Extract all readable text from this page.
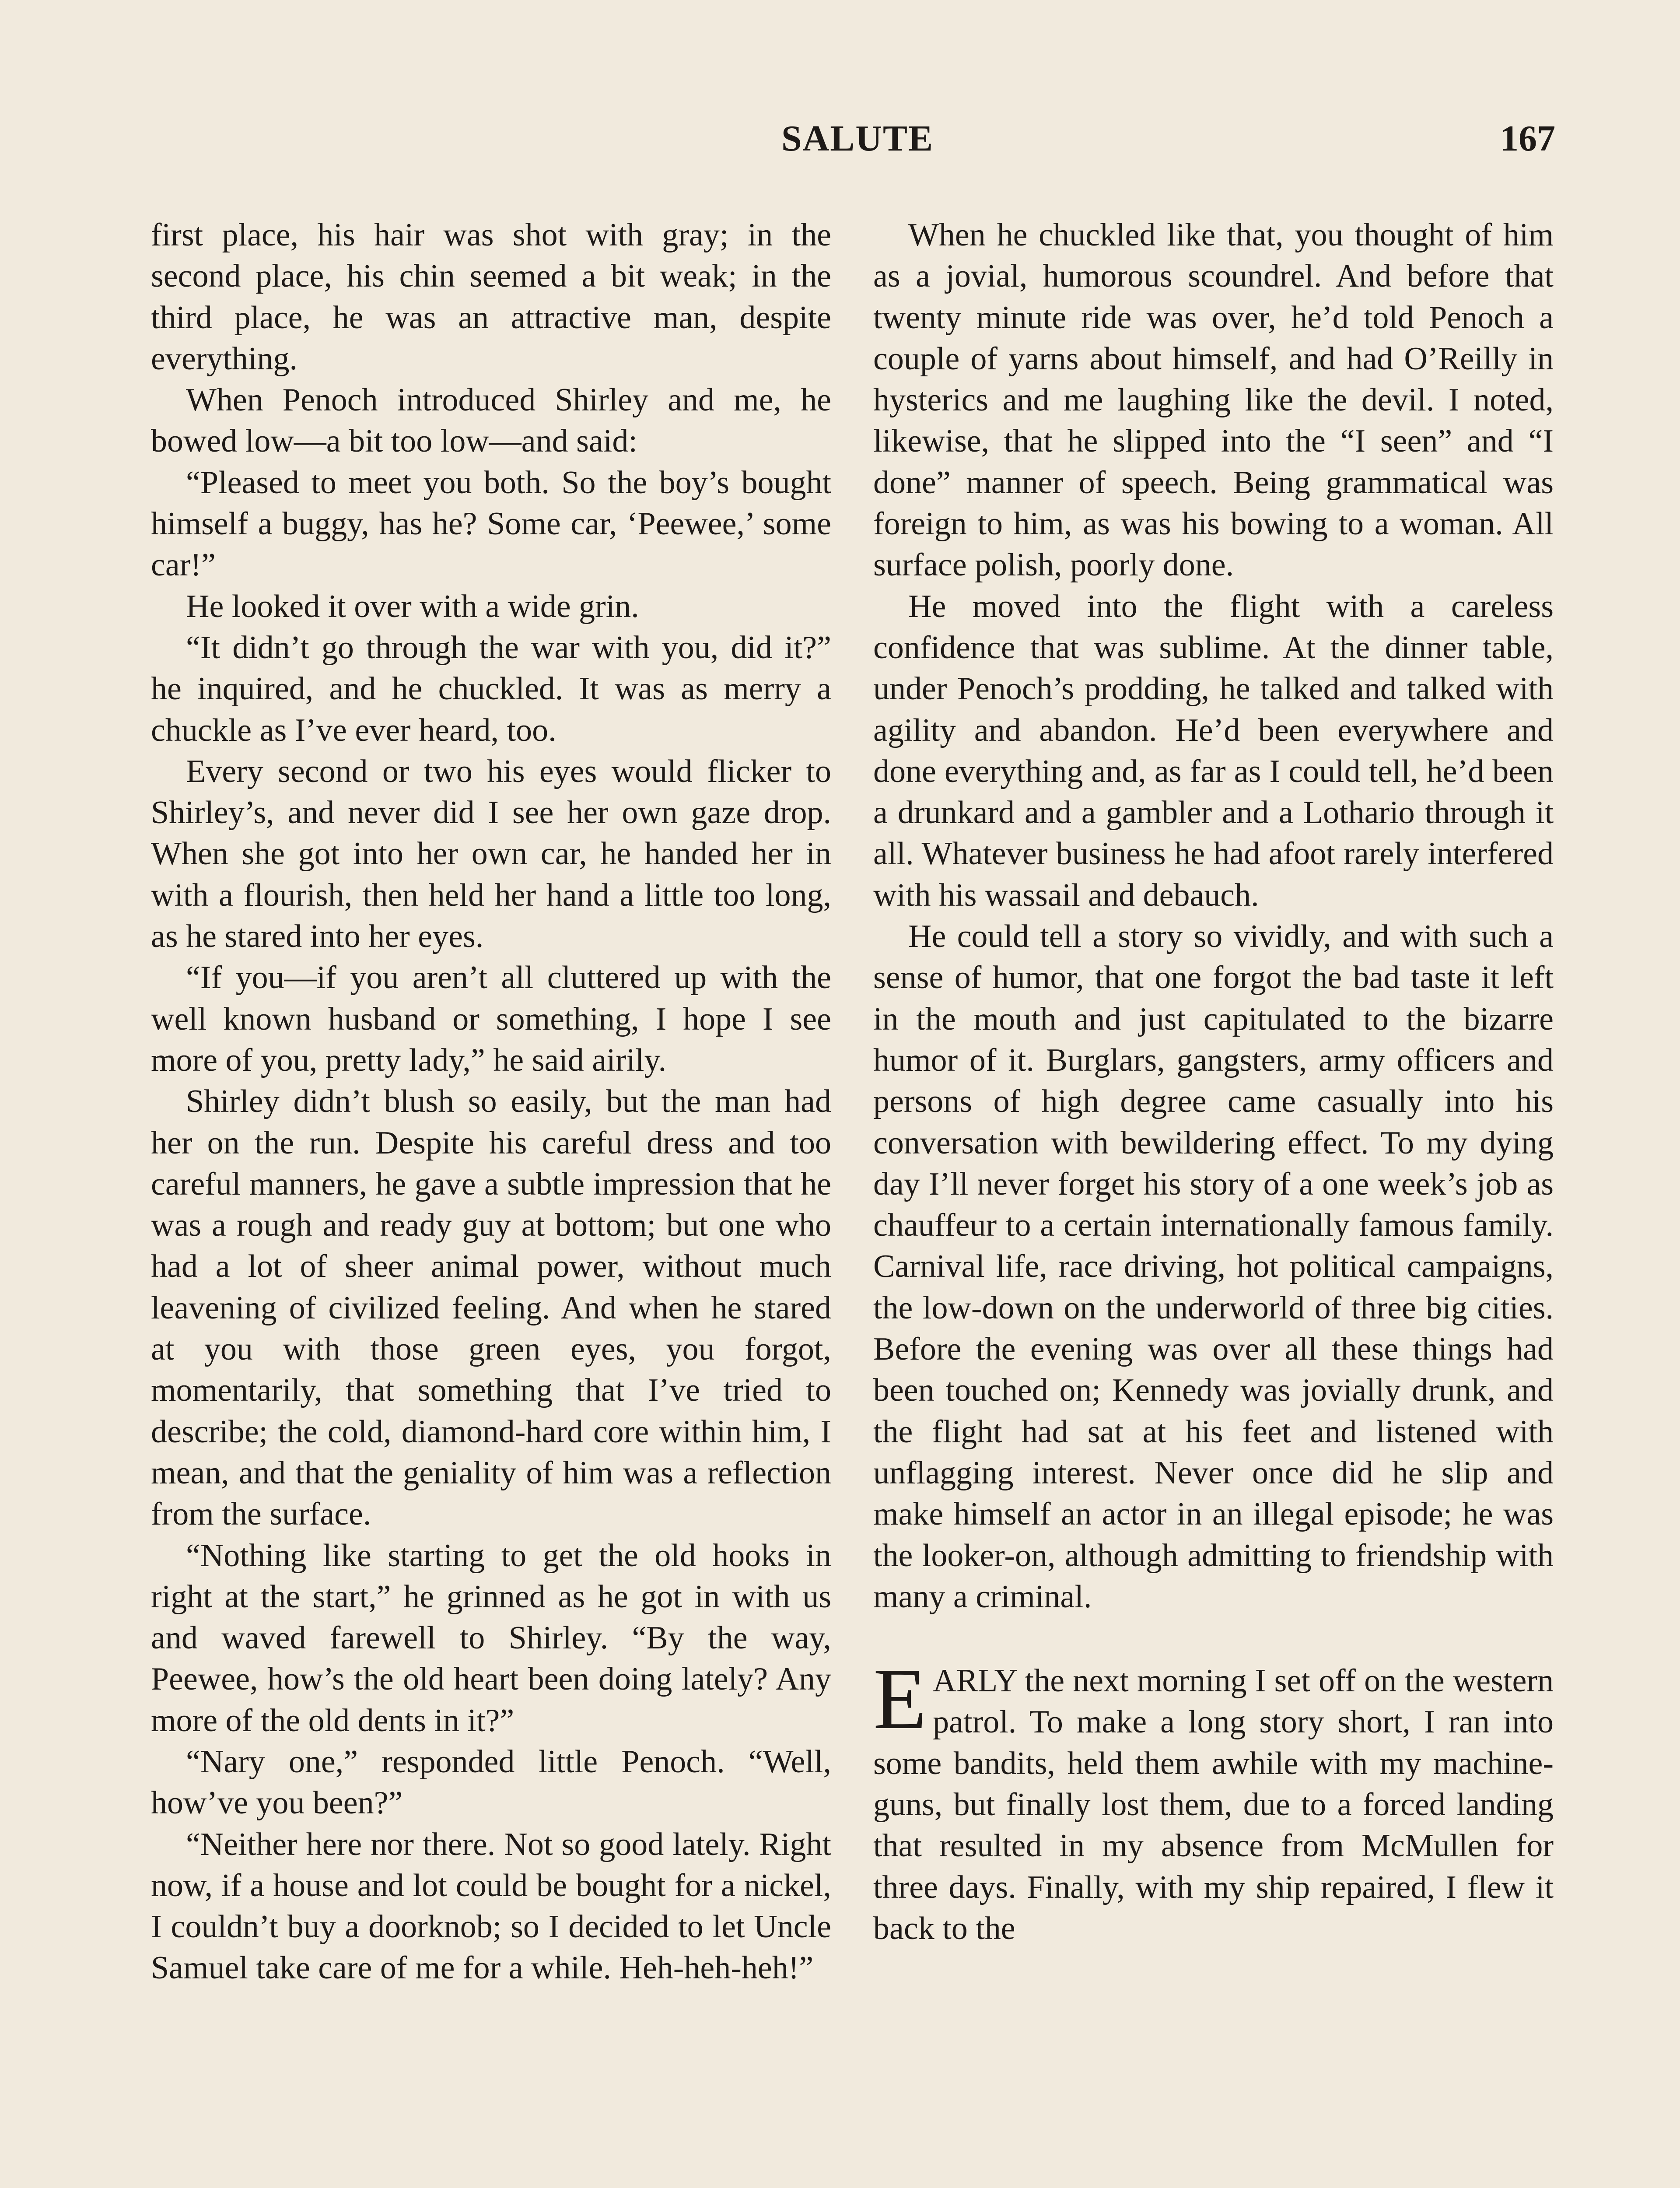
SALUTE	167

first place, his hair was shot with gray; in the second place, his chin seemed a bit weak; in the third place, he was an attractive man, despite everything.

When Penoch introduced Shirley and me, he bowed low—a bit too low—and said:

“Pleased to meet you both. So the boy’s bought himself a buggy, has he? Some car, ‘Peewee,’ some car!”

He looked it over with a wide grin.

“It didn’t go through the war with you, did it?” he inquired, and he chuckled. It was as merry a chuckle as I’ve ever heard, too.

Every second or two his eyes would flicker to Shirley’s, and never did I see her own gaze drop. When she got into her own car, he handed her in with a flourish, then held her hand a little too long, as he stared into her eyes.

“If you—if you aren’t all cluttered up with the well known husband or something, I hope I see more of you, pretty lady,” he said airily.

Shirley didn’t blush so easily, but the man had her on the run. Despite his careful dress and too careful manners, he gave a subtle impression that he was a rough and ready guy at bottom; but one who had a lot of sheer animal power, without much leavening of civilized feeling. And when he stared at you with those green eyes, you forgot, momentarily, that something that I’ve tried to describe; the cold, diamond-hard core within him, I mean, and that the geniality of him was a reflection from the surface.

“Nothing like starting to get the old hooks in right at the start,” he grinned as he got in with us and waved farewell to Shirley. “By the way, Peewee, how’s the old heart been doing lately? Any more of the old dents in it?”

“Nary one,” responded little Penoch. “Well, how’ve you been?”

“Neither here nor there. Not so good lately. Right now, if a house and lot could be bought for a nickel, I couldn’t buy a doorknob; so I decided to let Uncle Samuel take care of me for a while. Heh-heh-heh!”

When he chuckled like that, you thought of him as a jovial, humorous scoundrel. And before that twenty minute ride was over, he’d told Penoch a couple of yarns about himself, and had O’Reilly in hysterics and me laughing like the devil. I noted, likewise, that he slipped into the “I seen” and “I done” manner of speech. Being grammatical was foreign to him, as was his bowing to a woman. All surface polish, poorly done.

He moved into the flight with a careless confidence that was sublime. At the dinner table, under Penoch’s prodding, he talked and talked with agility and abandon. He’d been everywhere and done everything and, as far as I could tell, he’d been a drunkard and a gambler and a Lothario through it all. Whatever business he had afoot rarely interfered with his wassail and debauch.

He could tell a story so vividly, and with such a sense of humor, that one forgot the bad taste it left in the mouth and just capitulated to the bizarre humor of it. Burglars, gangsters, army officers and persons of high degree came casually into his conversation with bewildering effect. To my dying day I’ll never forget his story of a one week’s job as chauffeur to a certain internationally famous family. Carnival life, race driving, hot political campaigns, the low-down on the underworld of three big cities. Before the evening was over all these things had been touched on; Kennedy was jovially drunk, and the flight had sat at his feet and listened with unflagging interest. Never once did he slip and make himself an actor in an illegal episode; he was the looker-on, although admitting to friendship with many a criminal.

EARLY the next morning I set off on the western patrol. To make a long story short, I ran into some bandits, held them awhile with my machine-guns, but finally lost them, due to a forced landing that resulted in my absence from McMullen for three days. Finally, with my ship repaired, I flew it back to the
